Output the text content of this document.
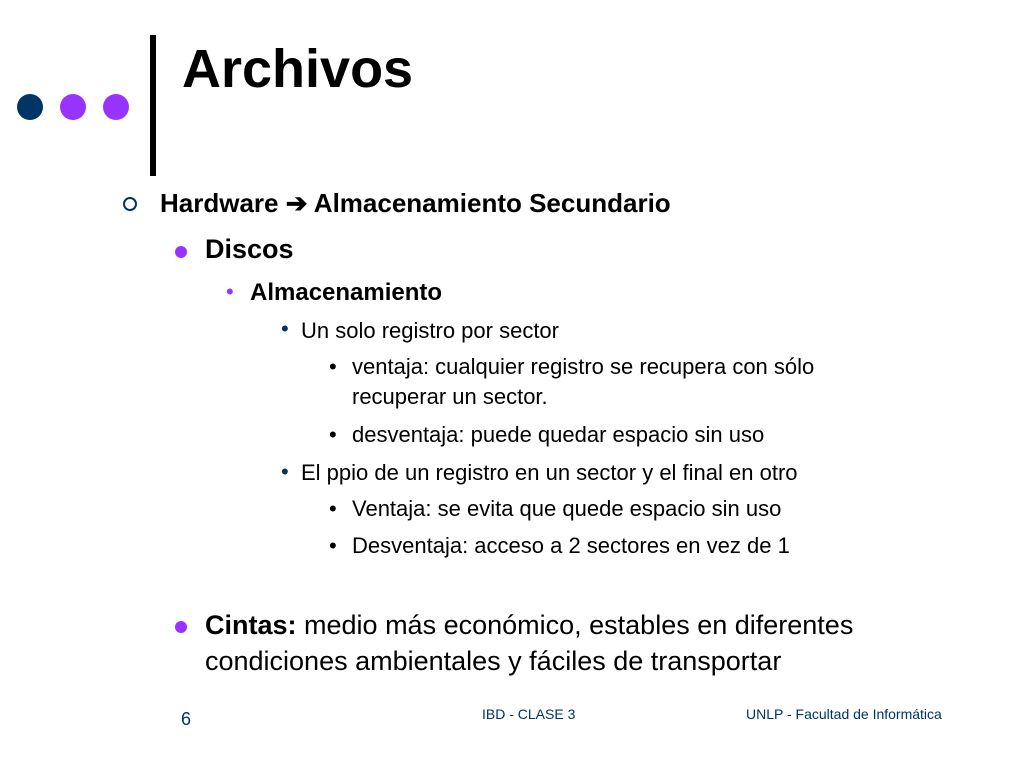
Archivos
Hardware ➔ Almacenamiento Secundario
Discos
• Almacenamiento
• Un solo registro por sector
• ventaja: cualquier registro se recupera con sólo
recuperar un sector.
• desventaja: puede quedar espacio sin uso
• El ppio de un registro en un sector y el final en otro
• Ventaja: se evita que quede espacio sin uso
• Desventaja: acceso a 2 sectores en vez de 1
Cintas: medio más económico, estables en diferentes
condiciones ambientales y fáciles de transportar
6	IBD - CLASE 3	UNLP - Facultad de Informática
